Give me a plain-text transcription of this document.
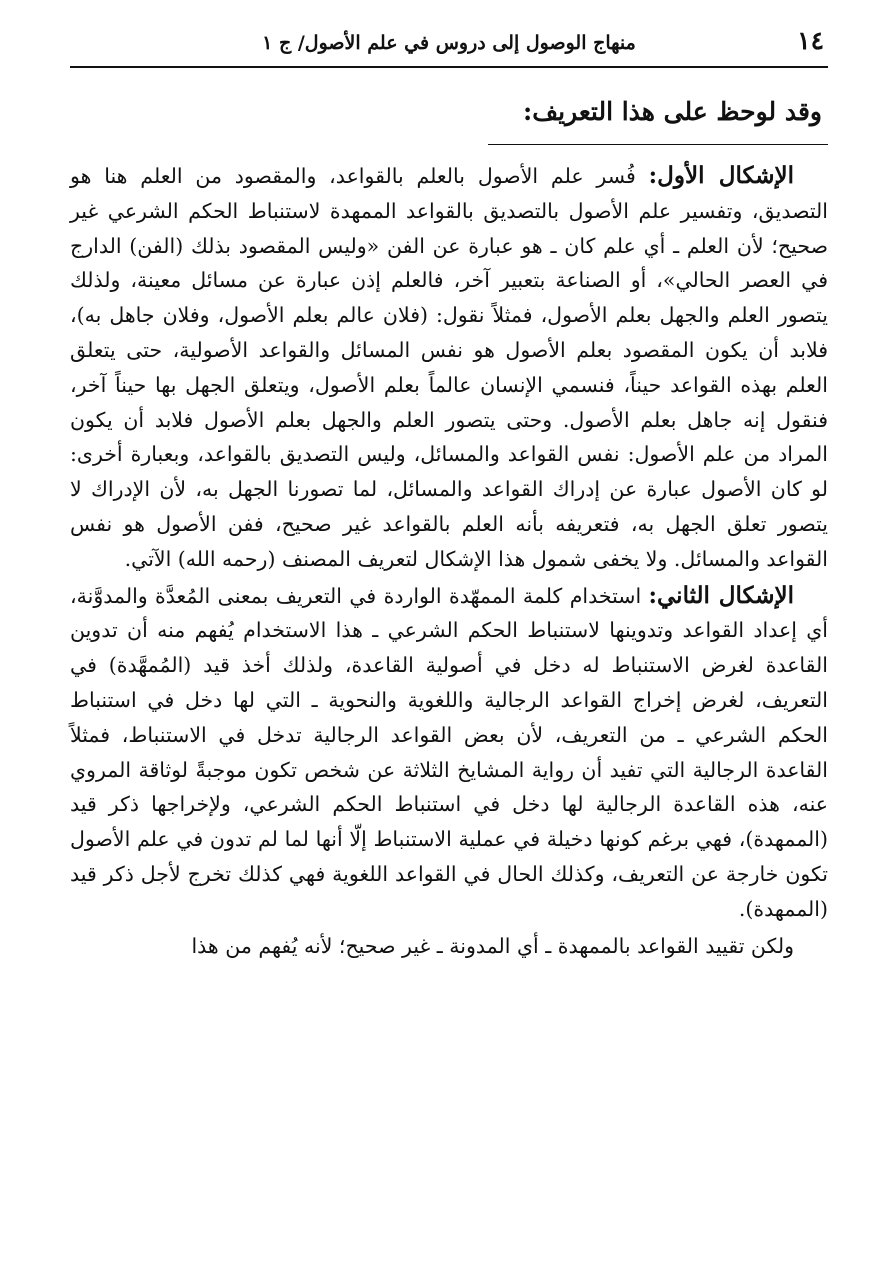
١٤
منهاج الوصول إلى دروس في علم الأصول/ ج ١
وقد لوحظ على هذا التعريف:

الإشكال الأول: فُسر علم الأصول بالعلم بالقواعد، والمقصود من العلم هنا هو التصديق، وتفسير علم الأصول بالتصديق بالقواعد الممهدة لاستنباط الحكم الشرعي غير صحيح؛ لأن العلم ـ أي علم كان ـ هو عبارة عن الفن «وليس المقصود بذلك (الفن) الدارج في العصر الحالي»، أو الصناعة بتعبير آخر، فالعلم إذن عبارة عن مسائل معينة، ولذلك يتصور العلم والجهل بعلم الأصول، فمثلاً نقول: (فلان عالم بعلم الأصول، وفلان جاهل به)، فلابد أن يكون المقصود بعلم الأصول هو نفس المسائل والقواعد الأصولية، حتى يتعلق العلم بهذه القواعد حيناً، فنسمي الإنسان عالماً بعلم الأصول، ويتعلق الجهل بها حيناً آخر، فنقول إنه جاهل بعلم الأصول. وحتى يتصور العلم والجهل بعلم الأصول فلابد أن يكون المراد من علم الأصول: نفس القواعد والمسائل، وليس التصديق بالقواعد، وبعبارة أخرى: لو كان الأصول عبارة عن إدراك القواعد والمسائل، لما تصورنا الجهل به، لأن الإدراك لا يتصور تعلق الجهل به، فتعريفه بأنه العلم بالقواعد غير صحيح، ففن الأصول هو نفس القواعد والمسائل. ولا يخفى شمول هذا الإشكال لتعريف المصنف (رحمه الله) الآتي.

الإشكال الثاني: استخدام كلمة الممهّدة الواردة في التعريف بمعنى المُعدَّة والمدوَّنة، أي إعداد القواعد وتدوينها لاستنباط الحكم الشرعي ـ هذا الاستخدام يُفهم منه أن تدوين القاعدة لغرض الاستنباط له دخل في أصولية القاعدة، ولذلك أخذ قيد (المُمهَّدة) في التعريف، لغرض إخراج القواعد الرجالية واللغوية والنحوية ـ التي لها دخل في استنباط الحكم الشرعي ـ من التعريف، لأن بعض القواعد الرجالية تدخل في الاستنباط، فمثلاً القاعدة الرجالية التي تفيد أن رواية المشايخ الثلاثة عن شخص تكون موجبةً لوثاقة المروي عنه، هذه القاعدة الرجالية لها دخل في استنباط الحكم الشرعي، ولإخراجها ذكر قيد (الممهدة)، فهي برغم كونها دخيلة في عملية الاستنباط إلّا أنها لما لم تدون في علم الأصول تكون خارجة عن التعريف، وكذلك الحال في القواعد اللغوية فهي كذلك تخرج لأجل ذكر قيد (الممهدة).

ولكن تقييد القواعد بالممهدة ـ أي المدونة ـ غير صحيح؛ لأنه يُفهم من هذا
